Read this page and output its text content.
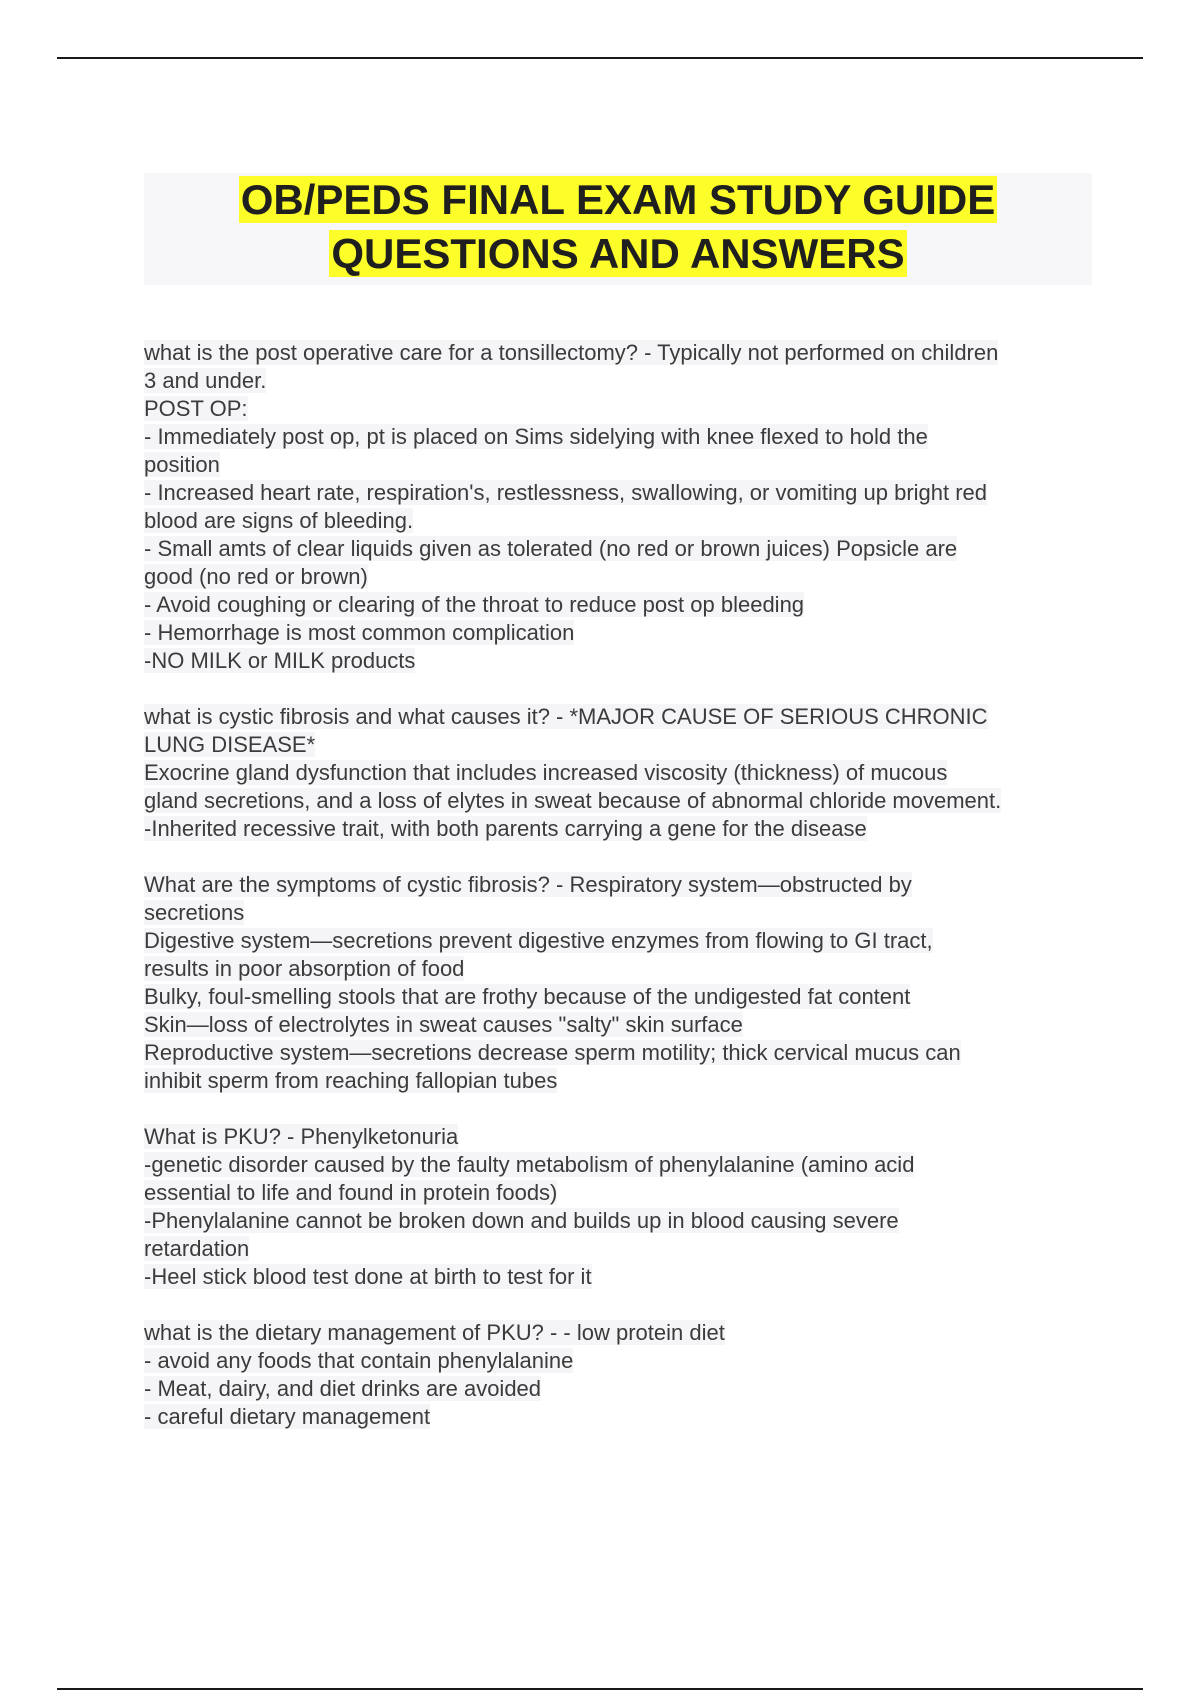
OB/PEDS FINAL EXAM STUDY GUIDE
QUESTIONS AND ANSWERS
what is the post operative care for a tonsillectomy? - Typically not performed on children
3 and under.
POST OP:
- Immediately post op, pt is placed on Sims sidelying with knee flexed to hold the
position
- Increased heart rate, respiration's, restlessness, swallowing, or vomiting up bright red
blood are signs of bleeding.
- Small amts of clear liquids given as tolerated (no red or brown juices) Popsicle are
good (no red or brown)
- Avoid coughing or clearing of the throat to reduce post op bleeding
- Hemorrhage is most common complication
-NO MILK or MILK products
what is cystic fibrosis and what causes it? - *MAJOR CAUSE OF SERIOUS CHRONIC
LUNG DISEASE*
Exocrine gland dysfunction that includes increased viscosity (thickness) of mucous
gland secretions, and a loss of elytes in sweat because of abnormal chloride movement.
-Inherited recessive trait, with both parents carrying a gene for the disease
What are the symptoms of cystic fibrosis? - Respiratory system—obstructed by
secretions
Digestive system—secretions prevent digestive enzymes from flowing to GI tract,
results in poor absorption of food
Bulky, foul-smelling stools that are frothy because of the undigested fat content
Skin—loss of electrolytes in sweat causes "salty" skin surface
Reproductive system—secretions decrease sperm motility; thick cervical mucus can
inhibit sperm from reaching fallopian tubes
What is PKU? - Phenylketonuria
-genetic disorder caused by the faulty metabolism of phenylalanine (amino acid
essential to life and found in protein foods)
-Phenylalanine cannot be broken down and builds up in blood causing severe
retardation
-Heel stick blood test done at birth to test for it
what is the dietary management of PKU? - - low protein diet
- avoid any foods that contain phenylalanine
- Meat, dairy, and diet drinks are avoided
- careful dietary management
